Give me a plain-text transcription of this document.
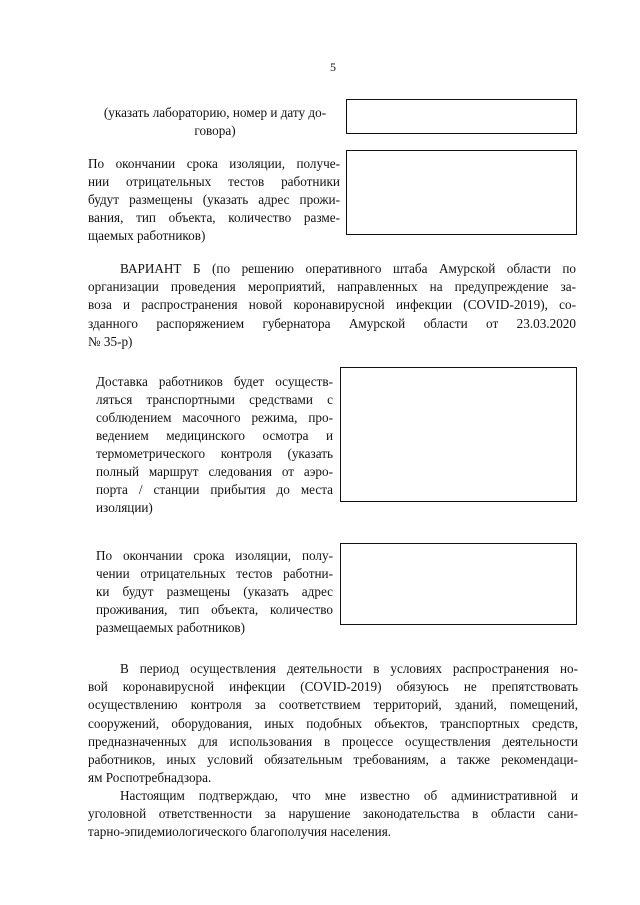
5
(указать лабораторию, номер и дату до-
говора)
По окончании срока изоляции, получе-
нии отрицательных тестов работники
будут размещены (указать адрес прожи-
вания, тип объекта, количество разме-
щаемых работников)
ВАРИАНТ Б (по решению оперативного штаба Амурской области по
организации проведения мероприятий, направленных на предупреждение за-
воза и распространения новой коронавирусной инфекции (COVID-2019), со-
зданного распоряжением губернатора Амурской области от 23.03.2020
№ 35-р)
Доставка работников будет осуществ-
ляться транспортными средствами с
соблюдением масочного режима, про-
ведением медицинского осмотра и
термометрического контроля (указать
полный маршрут следования от аэро-
порта / станции прибытия до места
изоляции)
По окончании срока изоляции, полу-
чении отрицательных тестов работни-
ки будут размещены (указать адрес
проживания, тип объекта, количество
размещаемых работников)
В период осуществления деятельности в условиях распространения но-
вой коронавирусной инфекции (COVID-2019) обязуюсь не препятствовать
осуществлению контроля за соответствием территорий, зданий, помещений,
сооружений, оборудования, иных подобных объектов, транспортных средств,
предназначенных для использования в процессе осуществления деятельности
работников, иных условий обязательным требованиям, а также рекомендаци-
ям Роспотребнадзора.
Настоящим подтверждаю, что мне известно об административной и
уголовной ответственности за нарушение законодательства в области сани-
тарно-эпидемиологического благополучия населения.
